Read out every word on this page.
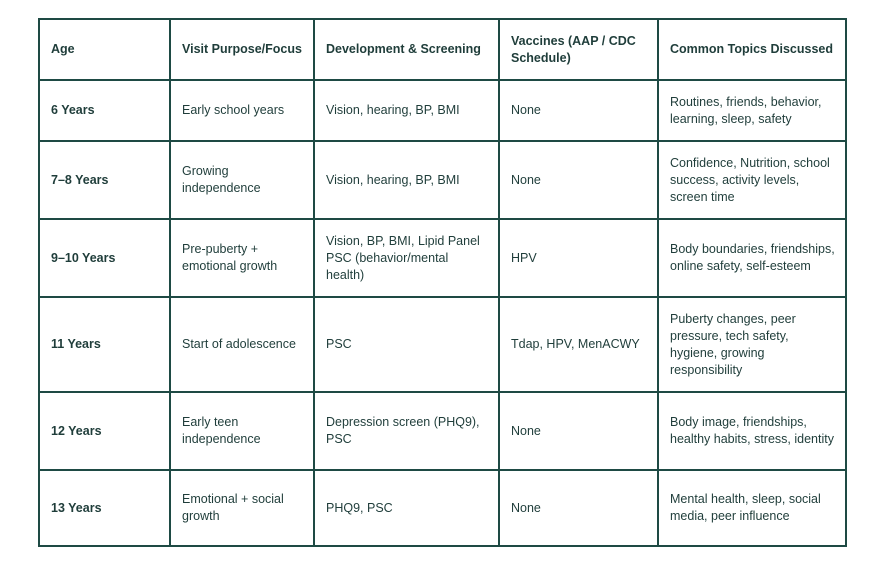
Age	Visit Purpose/Focus	Development & Screening	Vaccines (AAP / CDC Schedule)	Common Topics Discussed
6 Years	Early school years	Vision, hearing, BP, BMI	None	Routines, friends, behavior, learning, sleep, safety
7–8 Years	Growing independence	Vision, hearing, BP, BMI	None	Confidence, Nutrition, school success, activity levels, screen time
9–10 Years	Pre-puberty + emotional growth	Vision, BP, BMI, Lipid Panel PSC (behavior/mental health)	HPV	Body boundaries, friendships, online safety, self-esteem
11 Years	Start of adolescence	PSC	Tdap, HPV, MenACWY	Puberty changes, peer pressure, tech safety, hygiene, growing responsibility
12 Years	Early teen independence	Depression screen (PHQ9), PSC	None	Body image, friendships, healthy habits, stress, identity
13 Years	Emotional + social growth	PHQ9, PSC	None	Mental health, sleep, social media, peer influence
